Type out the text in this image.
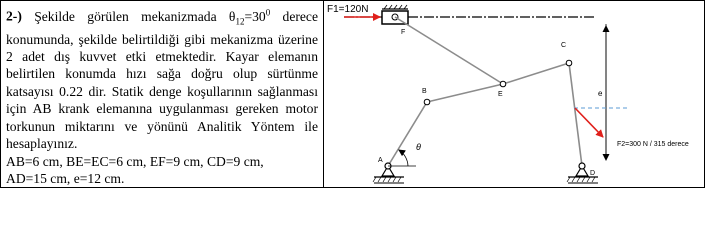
2-) Şekilde görülen mekanizmada $\theta_{12}=30^0$ derece konumunda, şekilde belirtildiği gibi mekanizma üzerine 2 adet dış kuvvet etki etmektedir. Kayar elemanın belirtilen konumda hızı sağa doğru olup sürtünme katsayısı 0.22 dir. Statik denge koşullarının sağlanması için AB krank elemanına uygulanması gereken motor torkunun miktarını ve yönünü Analitik Yöntem ile hesaplayınız.

AB=6 cm, BE=EC=6 cm, EF=9 cm, CD=9 cm,

AD=15 cm, e=12 cm.

F1=120N
e
θ	F2=300 N / 315 derece
A
B
C
D
E
F
